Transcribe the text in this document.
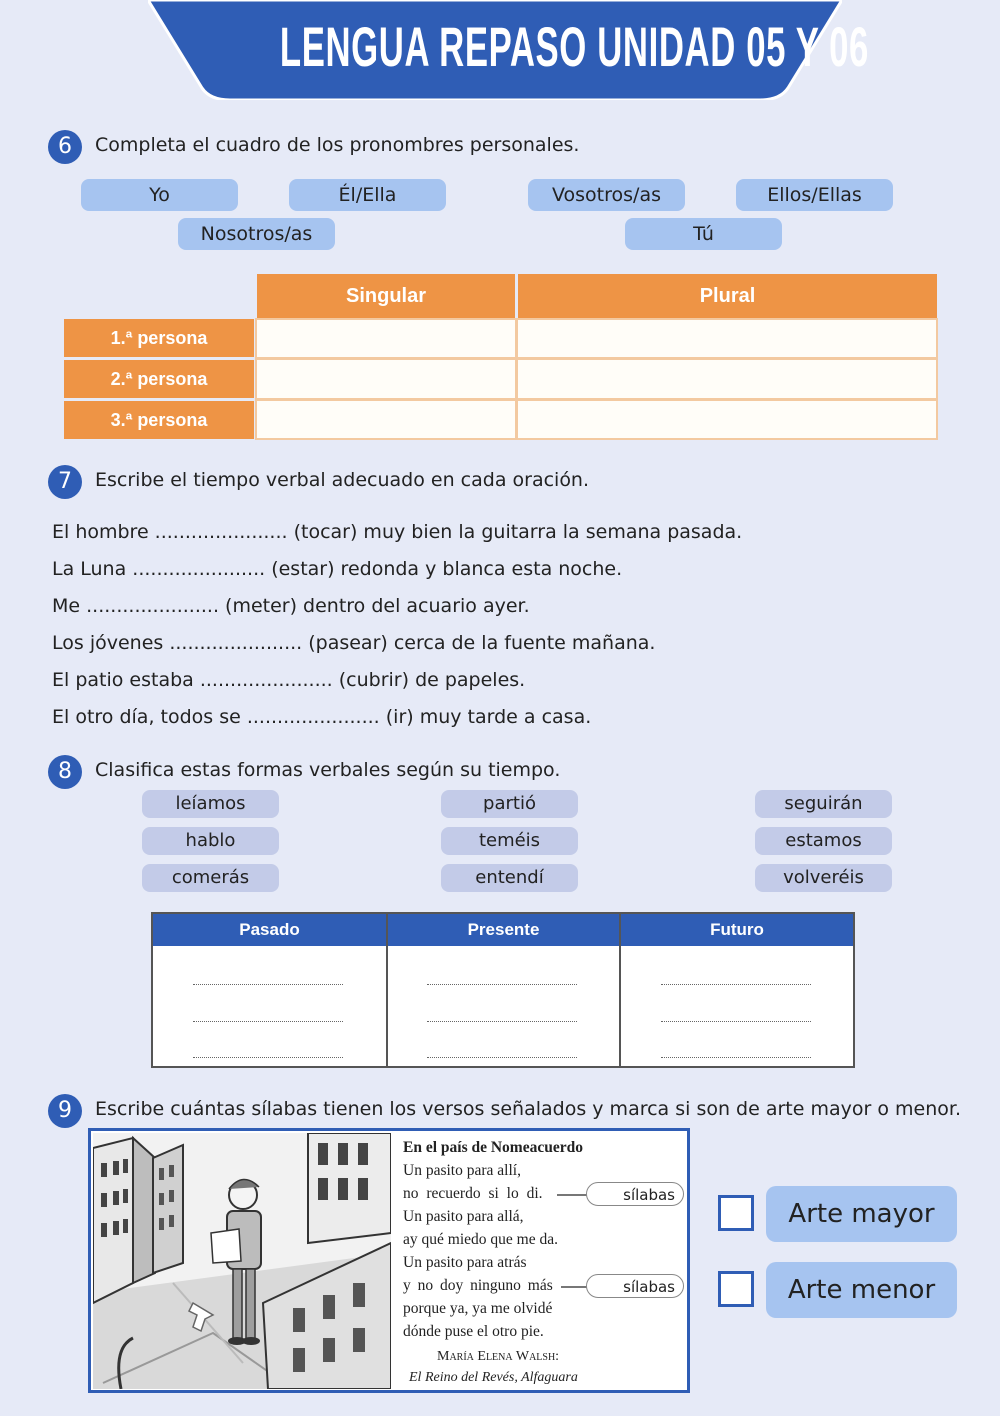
LENGUA REPASO UNIDAD 05 Y 06
6	Completa el cuadro de los pronombres personales.
Yo	Él/Ella	Vosotros/as	Ellos/Ellas
Nosotros/as	Tú
Singular	Plural
1.ª persona
2.ª persona
3.ª persona
7	Escribe el tiempo verbal adecuado en cada oración.
El hombre ...................... (tocar) muy bien la guitarra la semana pasada.
La Luna ...................... (estar) redonda y blanca esta noche.
Me ...................... (meter) dentro del acuario ayer.
Los jóvenes ...................... (pasear) cerca de la fuente mañana.
El patio estaba ...................... (cubrir) de papeles.
El otro día, todos se ...................... (ir) muy tarde a casa.
8	Clasifica estas formas verbales según su tiempo.
leíamos	partió	seguirán
hablo	teméis	estamos
comerás	entendí	volveréis
Pasado	Presente	Futuro
9	Escribe cuántas sílabas tienen los versos señalados y marca si son de arte mayor o menor.
En el país de Nomeacuerdo
Un pasito para allí,
no recuerdo si lo di.
Un pasito para allá,
ay qué miedo que me da.
Un pasito para atrás
y no doy ninguno más
porque ya, ya me olvidé
dónde puse el otro pie.
María Elena Walsh:
El Reino del Revés, Alfaguara
sílabas
sílabas
Arte mayor
Arte menor
